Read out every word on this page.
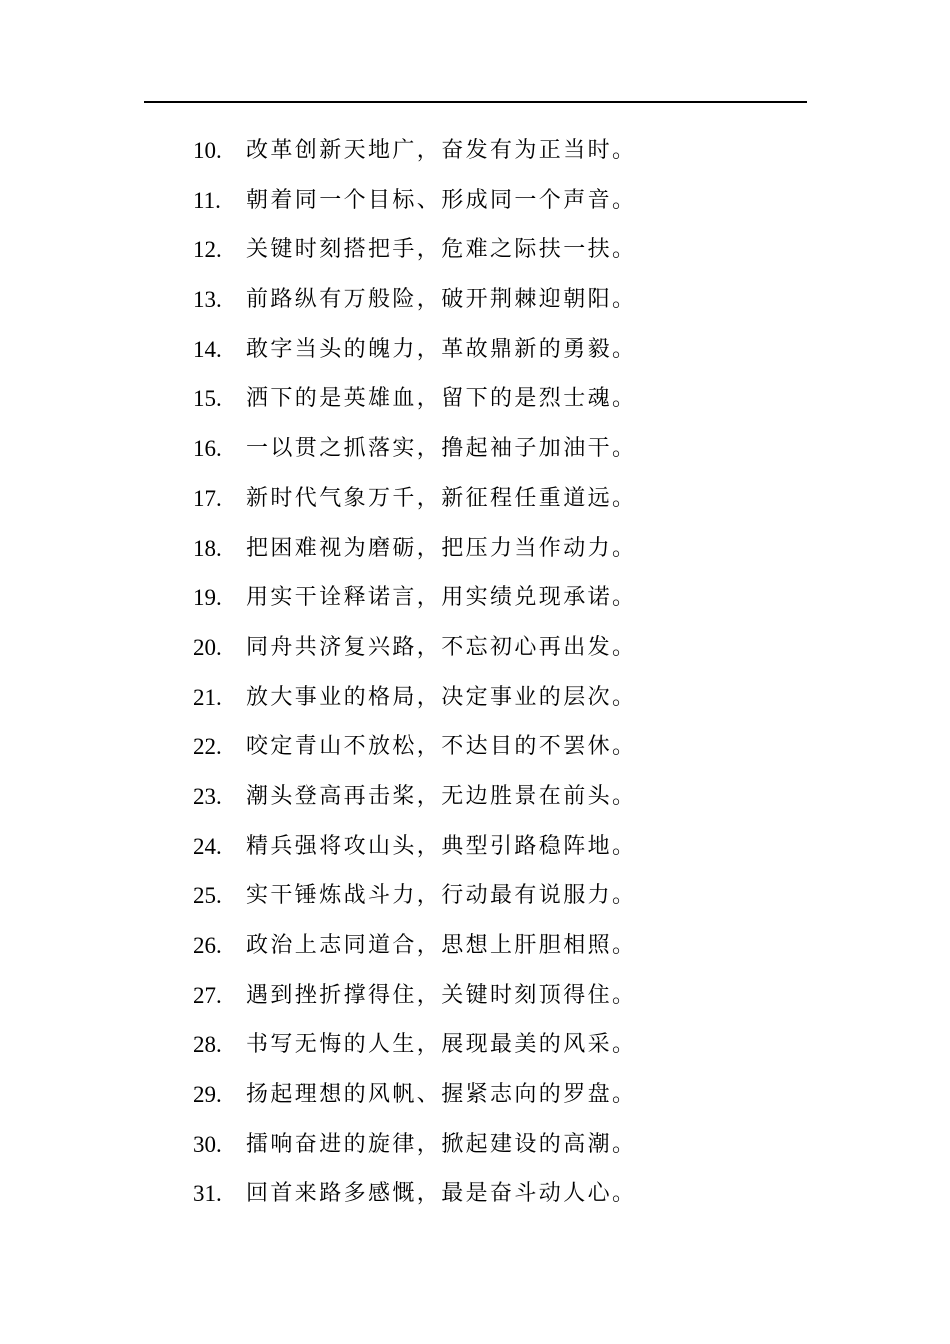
10. 改革创新天地广，奋发有为正当时。
11. 朝着同一个目标、形成同一个声音。
12. 关键时刻搭把手，危难之际扶一扶。
13. 前路纵有万般险，破开荆棘迎朝阳。
14. 敢字当头的魄力，革故鼎新的勇毅。
15. 洒下的是英雄血，留下的是烈士魂。
16. 一以贯之抓落实，撸起袖子加油干。
17. 新时代气象万千，新征程任重道远。
18. 把困难视为磨砺，把压力当作动力。
19. 用实干诠释诺言，用实绩兑现承诺。
20. 同舟共济复兴路，不忘初心再出发。
21. 放大事业的格局，决定事业的层次。
22. 咬定青山不放松，不达目的不罢休。
23. 潮头登高再击桨，无边胜景在前头。
24. 精兵强将攻山头，典型引路稳阵地。
25. 实干锤炼战斗力，行动最有说服力。
26. 政治上志同道合，思想上肝胆相照。
27. 遇到挫折撑得住，关键时刻顶得住。
28. 书写无悔的人生，展现最美的风采。
29. 扬起理想的风帆、握紧志向的罗盘。
30. 擂响奋进的旋律，掀起建设的高潮。
31. 回首来路多感慨，最是奋斗动人心。
